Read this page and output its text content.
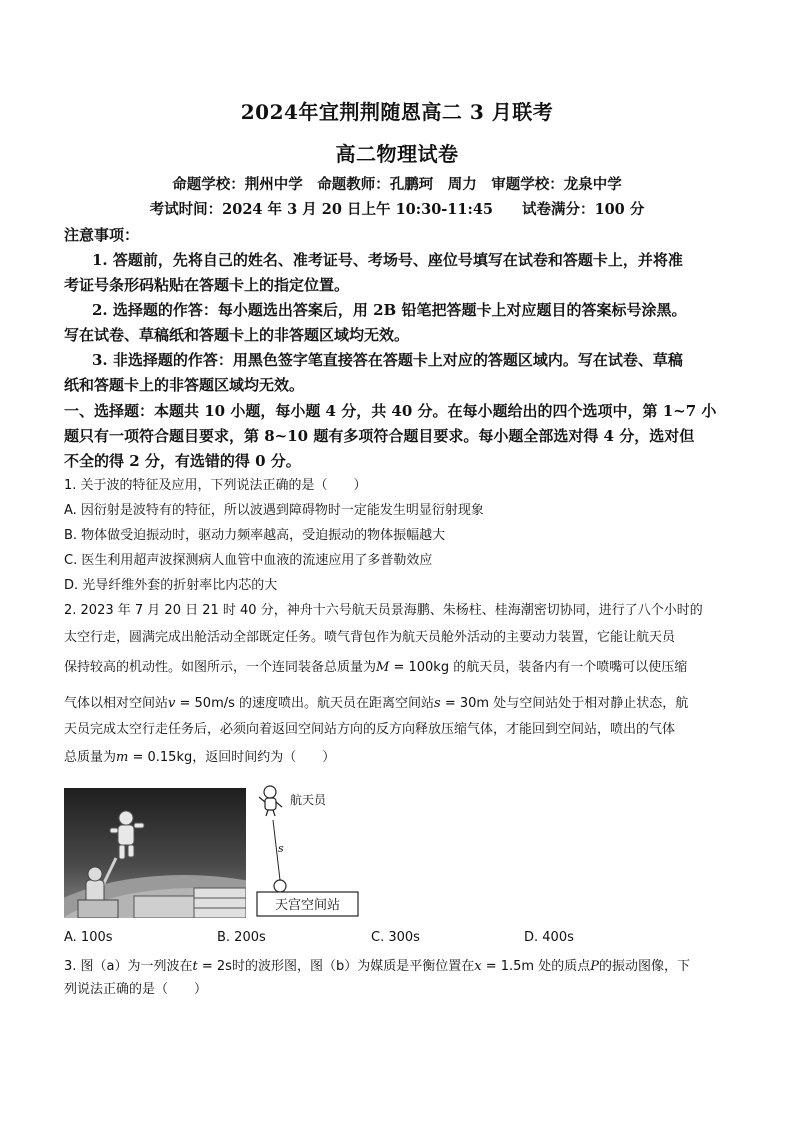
2024年宜荆荆随恩高二 3 月联考
高二物理试卷
命题学校：荆州中学　命题教师：孔鹏珂　周力　审题学校：龙泉中学
考试时间：2024 年 3 月 20 日上午 10:30-11:45　　试卷满分：100 分
注意事项：
1. 答题前，先将自己的姓名、准考证号、考场号、座位号填写在试卷和答题卡上，并将准
考证号条形码粘贴在答题卡上的指定位置。
2. 选择题的作答：每小题选出答案后，用 2B 铅笔把答题卡上对应题目的答案标号涂黑。
写在试卷、草稿纸和答题卡上的非答题区域均无效。
3. 非选择题的作答：用黑色签字笔直接答在答题卡上对应的答题区域内。写在试卷、草稿
纸和答题卡上的非答题区域均无效。
一、选择题：本题共 10 小题，每小题 4 分，共 40 分。在每小题给出的四个选项中，第 1~7 小
题只有一项符合题目要求，第 8~10 题有多项符合题目要求。每小题全部选对得 4 分，选对但
不全的得 2 分，有选错的得 0 分。
1. 关于波的特征及应用，下列说法正确的是（　　）
A. 因衍射是波特有的特征，所以波遇到障碍物时一定能发生明显衍射现象
B. 物体做受迫振动时，驱动力频率越高，受迫振动的物体振幅越大
C. 医生利用超声波探测病人血管中血液的流速应用了多普勒效应
D. 光导纤维外套的折射率比内芯的大
2. 2023 年 7 月 20 日 21 时 40 分，神舟十六号航天员景海鹏、朱杨柱、桂海潮密切协同，进行了八个小时的
太空行走，圆满完成出舱活动全部既定任务。喷气背包作为航天员舱外活动的主要动力装置，它能让航天员
保持较高的机动性。如图所示，一个连同装备总质量为M = 100kg 的航天员，装备内有一个喷嘴可以使压缩
气体以相对空间站v = 50m/s 的速度喷出。航天员在距离空间站s = 30m 处与空间站处于相对静止状态，航
天员完成太空行走任务后，必须向着返回空间站方向的反方向释放压缩气体，才能回到空间站，喷出的气体
总质量为m = 0.15kg，返回时间约为（　　）
航天员
s
天宫空间站
A. 100s	B. 200s	C. 300s	D. 400s
3. 图（a）为一列波在t = 2s时的波形图，图（b）为媒质是平衡位置在x = 1.5m 处的质点P的振动图像，下
列说法正确的是（　　）
